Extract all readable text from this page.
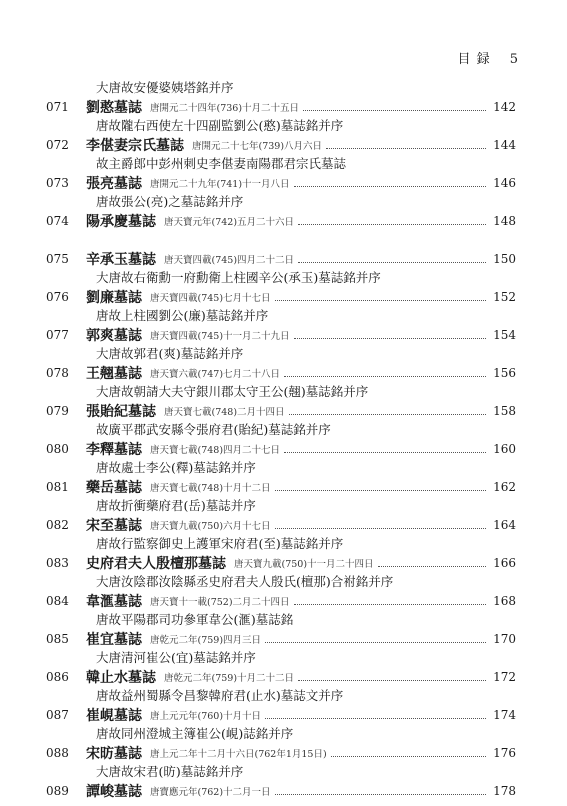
目 録 5
大唐故安優婆姨塔銘并序
071	劉憨墓誌 唐開元二十四年(736)十月二十五日	142
唐故隴右西使左十四副監劉公(憨)墓誌銘并序
072	李偡妻宗氏墓誌 唐開元二十七年(739)八月六日	144
故主爵郎中彭州刺史李偡妻南陽郡君宗氏墓誌
073	張亮墓誌 唐開元二十九年(741)十一月八日	146
唐故張公(亮)之墓誌銘并序
074	陽承慶墓誌 唐天寶元年(742)五月二十六日	148
075	辛承玉墓誌 唐天寶四載(745)四月二十二日	150
大唐故右衛勳一府勳衛上柱國辛公(承玉)墓誌銘并序
076	劉廉墓誌 唐天寶四載(745)七月十七日	152
唐故上柱國劉公(廉)墓誌銘并序
077	郭爽墓誌 唐天寶四載(745)十一月二十九日	154
大唐故郭君(爽)墓誌銘并序
078	王翹墓誌 唐天寶六載(747)七月二十八日	156
大唐故朝請大夫守銀川郡太守王公(翹)墓誌銘并序
079	張貽紀墓誌 唐天寶七載(748)二月十四日	158
故廣平郡武安縣令張府君(貽紀)墓誌銘并序
080	李釋墓誌 唐天寶七載(748)四月二十七日	160
唐故處士李公(釋)墓誌銘并序
081	藥岳墓誌 唐天寶七載(748)十月十二日	162
唐故折衝藥府君(岳)墓誌并序
082	宋至墓誌 唐天寶九載(750)六月十七日	164
唐故行監察御史上護軍宋府君(至)墓誌銘并序
083	史府君夫人殷檀那墓誌 唐天寶九載(750)十一月二十四日	166
大唐汝陰郡汝陰縣丞史府君夫人殷氏(檀那)合祔銘并序
084	韋滙墓誌 唐天寶十一載(752)二月二十四日	168
唐故平陽郡司功參軍韋公(滙)墓誌銘
085	崔宜墓誌 唐乾元二年(759)四月三日	170
大唐清河崔公(宜)墓誌銘并序
086	韓止水墓誌 唐乾元二年(759)十月二十二日	172
唐故益州蜀縣令昌黎韓府君(止水)墓誌文并序
087	崔峴墓誌 唐上元元年(760)十月十日	174
唐故同州澄城主簿崔公(峴)誌銘并序
088	宋昉墓誌 唐上元二年十二月十六日(762年1月15日)	176
大唐故宋君(昉)墓誌銘并序
089	譚峻墓誌 唐寶應元年(762)十二月一日	178
